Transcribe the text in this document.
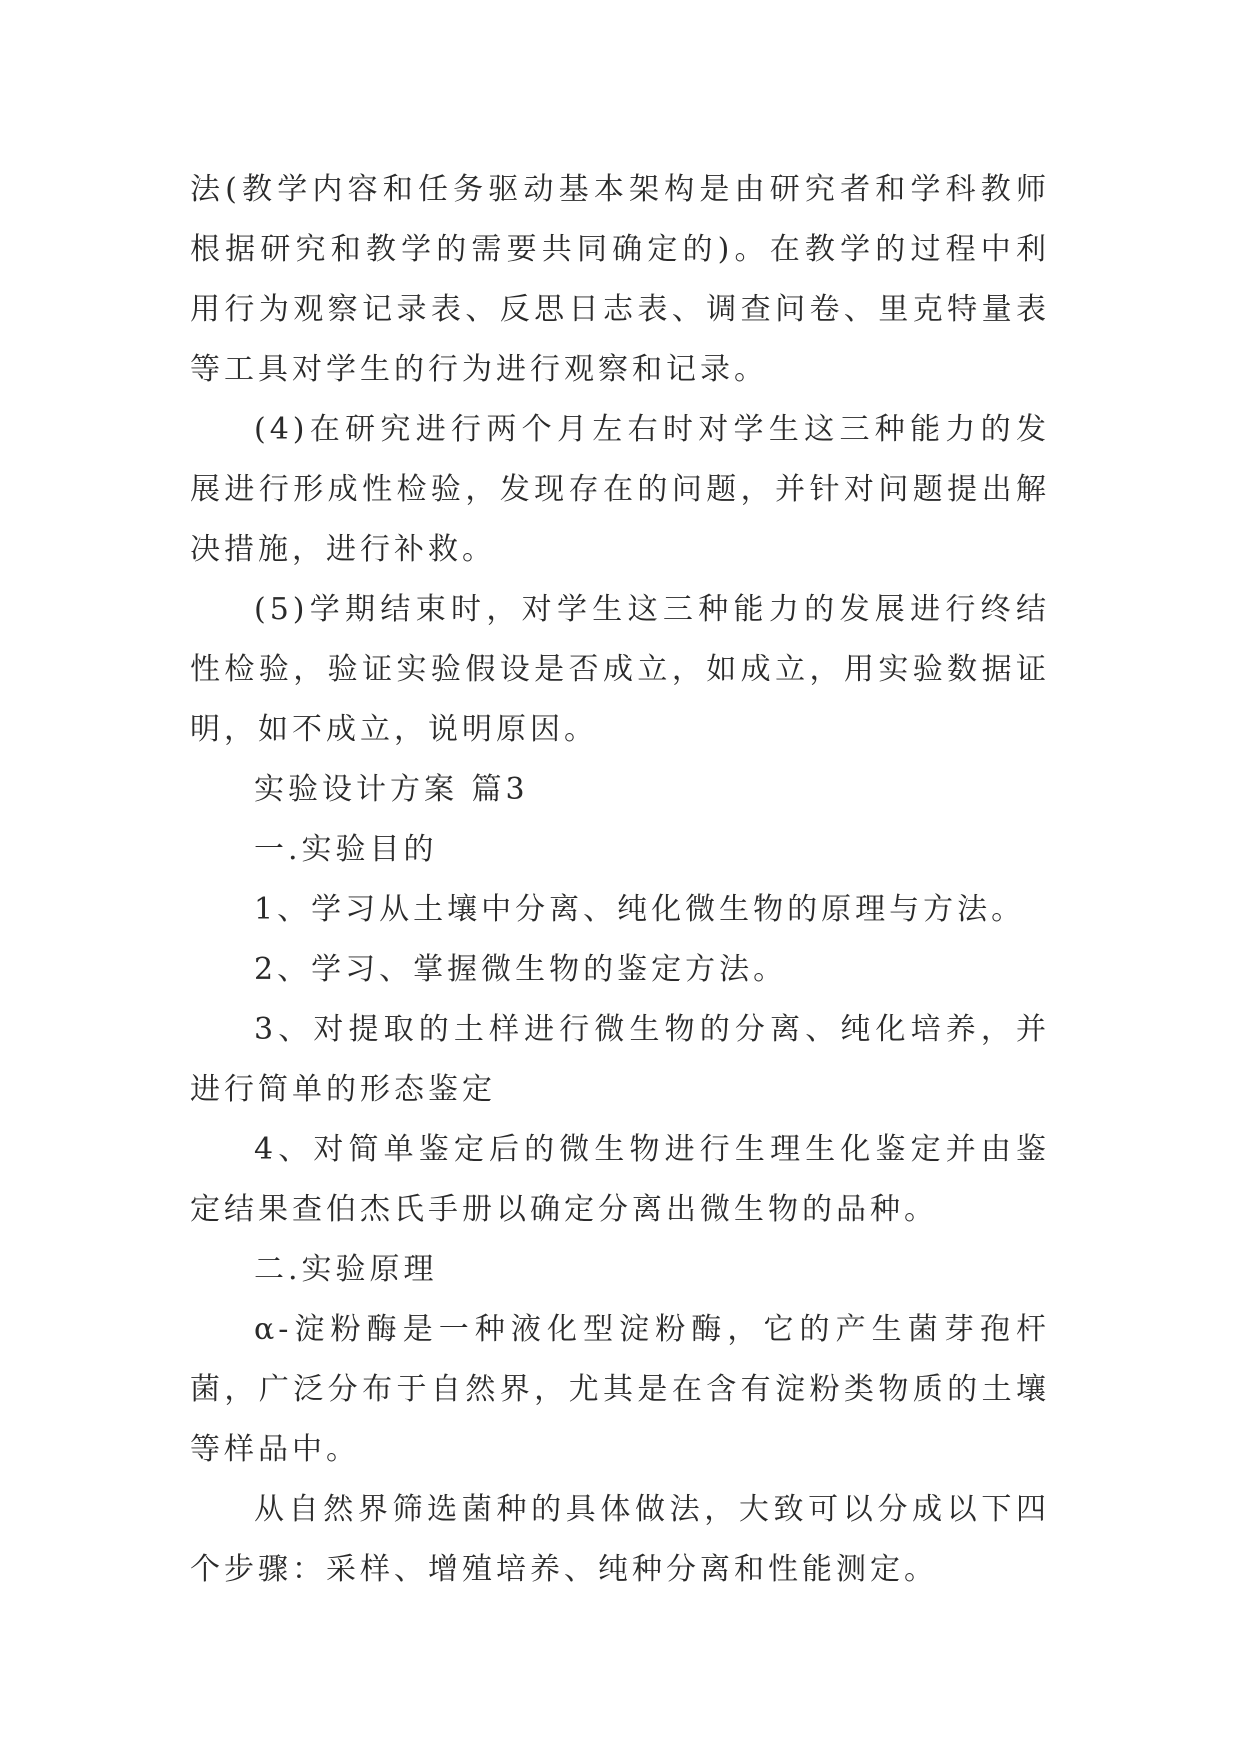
法(教学内容和任务驱动基本架构是由研究者和学科教师根据研究和教学的需要共同确定的)。在教学的过程中利用行为观察记录表、反思日志表、调查问卷、里克特量表等工具对学生的行为进行观察和记录。

(4)在研究进行两个月左右时对学生这三种能力的发展进行形成性检验，发现存在的问题，并针对问题提出解决措施，进行补救。

(5)学期结束时，对学生这三种能力的发展进行终结性检验，验证实验假设是否成立，如成立，用实验数据证明，如不成立，说明原因。

实验设计方案 篇3

一.实验目的

1、学习从土壤中分离、纯化微生物的原理与方法。

2、学习、掌握微生物的鉴定方法。

3、对提取的土样进行微生物的分离、纯化培养，并进行简单的形态鉴定

4、对简单鉴定后的微生物进行生理生化鉴定并由鉴定结果查伯杰氏手册以确定分离出微生物的品种。

二.实验原理

α-淀粉酶是一种液化型淀粉酶，它的产生菌芽孢杆菌，广泛分布于自然界，尤其是在含有淀粉类物质的土壤等样品中。

从自然界筛选菌种的具体做法，大致可以分成以下四个步骤：采样、增殖培养、纯种分离和性能测定。
